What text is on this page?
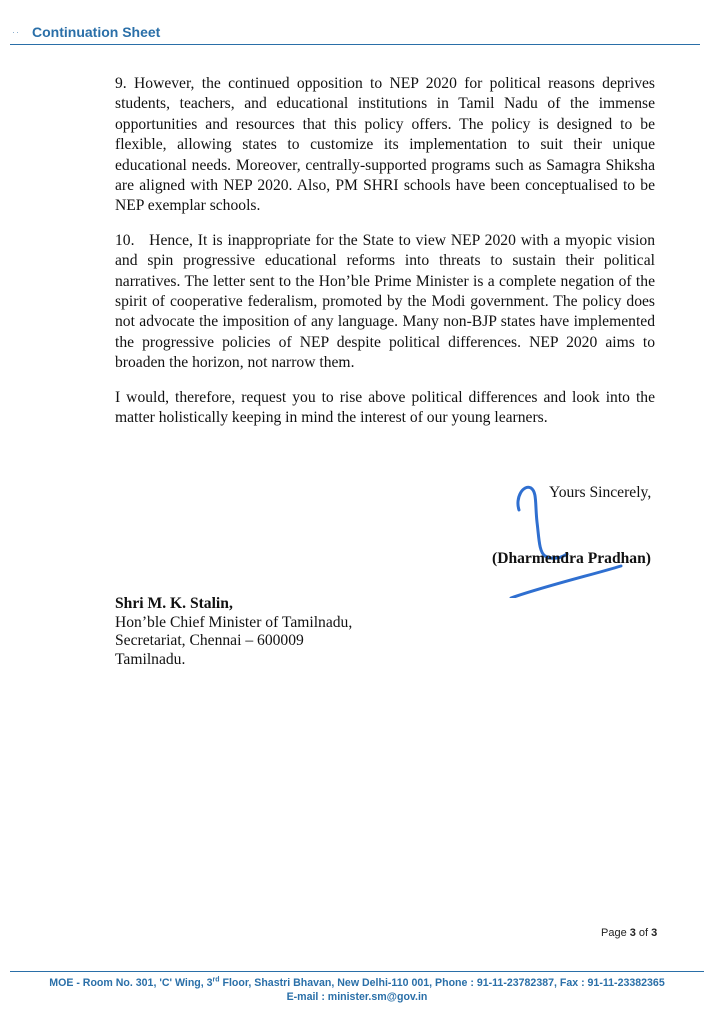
·· Continuation Sheet

9. However, the continued opposition to NEP 2020 for political reasons deprives students, teachers, and educational institutions in Tamil Nadu of the immense opportunities and resources that this policy offers. The policy is designed to be flexible, allowing states to customize its implementation to suit their unique educational needs. Moreover, centrally-supported programs such as Samagra Shiksha are aligned with NEP 2020. Also, PM SHRI schools have been conceptualised to be NEP exemplar schools.

10.   Hence, It is inappropriate for the State to view NEP 2020 with a myopic vision and spin progressive educational reforms into threats to sustain their political narratives. The letter sent to the Hon’ble Prime Minister is a complete negation of the spirit of cooperative federalism, promoted by the Modi government. The policy does not advocate the imposition of any language. Many non-BJP states have implemented the progressive policies of NEP despite political differences. NEP 2020 aims to broaden the horizon, not narrow them.

I would, therefore, request you to rise above political differences and look into the matter holistically keeping in mind the interest of our young learners.

Yours Sincerely,
(Dharmendra Pradhan)
Shri M. K. Stalin,
Hon’ble Chief Minister of Tamilnadu,
Secretariat, Chennai – 600009
Tamilnadu.
Page 3 of 3
MOE - Room No. 301, 'C' Wing, 3rd Floor, Shastri Bhavan, New Delhi-110 001, Phone : 91-11-23782387, Fax : 91-11-23382365
E-mail : minister.sm@gov.in
